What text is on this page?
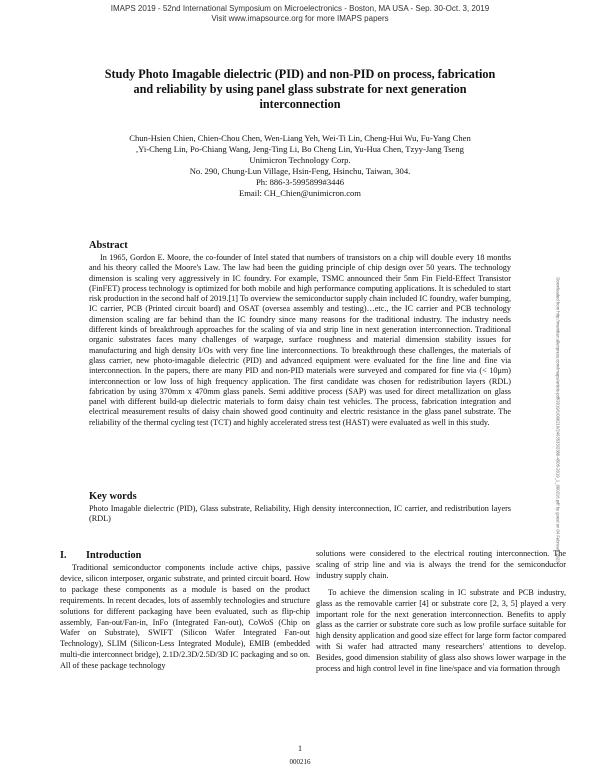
IMAPS 2019 - 52nd International Symposium on Microelectronics - Boston, MA USA - Sep. 30-Oct. 3, 2019
Visit www.imapsource.org for more IMAPS papers
Study Photo Imagable dielectric (PID) and non-PID on process, fabrication and reliability by using panel glass substrate for next generation interconnection
Chun-Hsien Chien, Chien-Chou Chen, Wen-Liang Yeh, Wei-Ti Lin, Cheng-Hui Wu, Fu-Yang Chen
,Yi-Cheng Lin, Po-Chiang Wang, Jeng-Ting Li, Bo Cheng Lin, Yu-Hua Chen, Tzyy-Jang Tseng
Unimicron Technology Corp.
No. 290, Chung-Lun Village, Hsin-Feng, Hsinchu, Taiwan, 304.
Ph: 886-3-5995899#3446
Email: CH_Chien@unimicron.com
Downloaded from http://meridian.allenpress.com/imaps/article-pdf/2019/1/000216/2463533/2380-4505-2019_1_000216.pdf by guest on 04 February 2023
Abstract

In 1965, Gordon E. Moore, the co-founder of Intel stated that numbers of transistors on a chip will double every 18 months and his theory called the Moore's Law. The law had been the guiding principle of chip design over 50 years. The technology dimension is scaling very aggressively in IC foundry. For example, TSMC announced their 5nm Fin Field-Effect Transistor (FinFET) process technology is optimized for both mobile and high performance computing applications. It is scheduled to start risk production in the second half of 2019.[1] To overview the semiconductor supply chain included IC foundry, wafer bumping, IC carrier, PCB (Printed circuit board) and OSAT (oversea assembly and testing)…etc., the IC carrier and PCB technology dimension scaling are far behind than the IC foundry since many reasons for the traditional industry. The industry needs different kinds of breakthrough approaches for the scaling of via and strip line in next generation interconnection. Traditional organic substrates faces many challenges of warpage, surface roughness and material dimension stability issues for manufacturing and high density I/Os with very fine line interconnections. To breakthrough these challenges, the materials of glass carrier, new photo-imagable dielectric (PID) and advanced equipment were evaluated for the fine line and fine via interconnection. In the papers, there are many PID and non-PID materials were surveyed and compared for fine via (< 10μm) interconnection or low loss of high frequency application. The first candidate was chosen for redistribution layers (RDL) fabrication by using 370mm x 470mm glass panels. Semi additive process (SAP) was used for direct metallization on glass panel with different build-up dielectric materials to form daisy chain test vehicles. The process, fabrication integration and electrical measurement results of daisy chain showed good continuity and electric resistance in the glass panel substrate. The reliability of the thermal cycling test (TCT) and highly accelerated stress test (HAST) were evaluated as well in this study.

Key words

Photo Imagable dielectric (PID), Glass substrate, Reliability, High density interconnection, IC carrier, and redistribution layers (RDL)

I. Introduction

Traditional semiconductor components include active chips, passive device, silicon interposer, organic substrate, and printed circuit board. How to package these components as a module is based on the product requirements. In recent decades, lots of assembly technologies and structure solutions for different packaging have been evaluated, such as flip-chip assembly, Fan-out/Fan-in, InFo (Integrated Fan-out), CoWoS (Chip on Wafer on Substrate), SWIFT (Silicon Wafer Integrated Fan-out Technology), SLIM (Silicon-Less Integrated Module), EMIB (embedded multi-die interconnect bridge), 2.1D/2.3D/2.5D/3D IC packaging and so on. All of these package technology

solutions were considered to the electrical routing interconnection. The scaling of strip line and via is always the trend for the semiconductor industry supply chain.

To achieve the dimension scaling in IC substrate and PCB industry, glass as the removable carrier [4] or substrate core [2, 3, 5] played a very important role for the next generation interconnection. Benefits to apply glass as the carrier or substrate core such as low profile surface suitable for high density application and good size effect for large form factor compared with Si wafer had attracted many researchers' attentions to develop. Besides, good dimension stability of glass also shows lower warpage in the process and high control level in fine line/space and via formation through

1
000216
